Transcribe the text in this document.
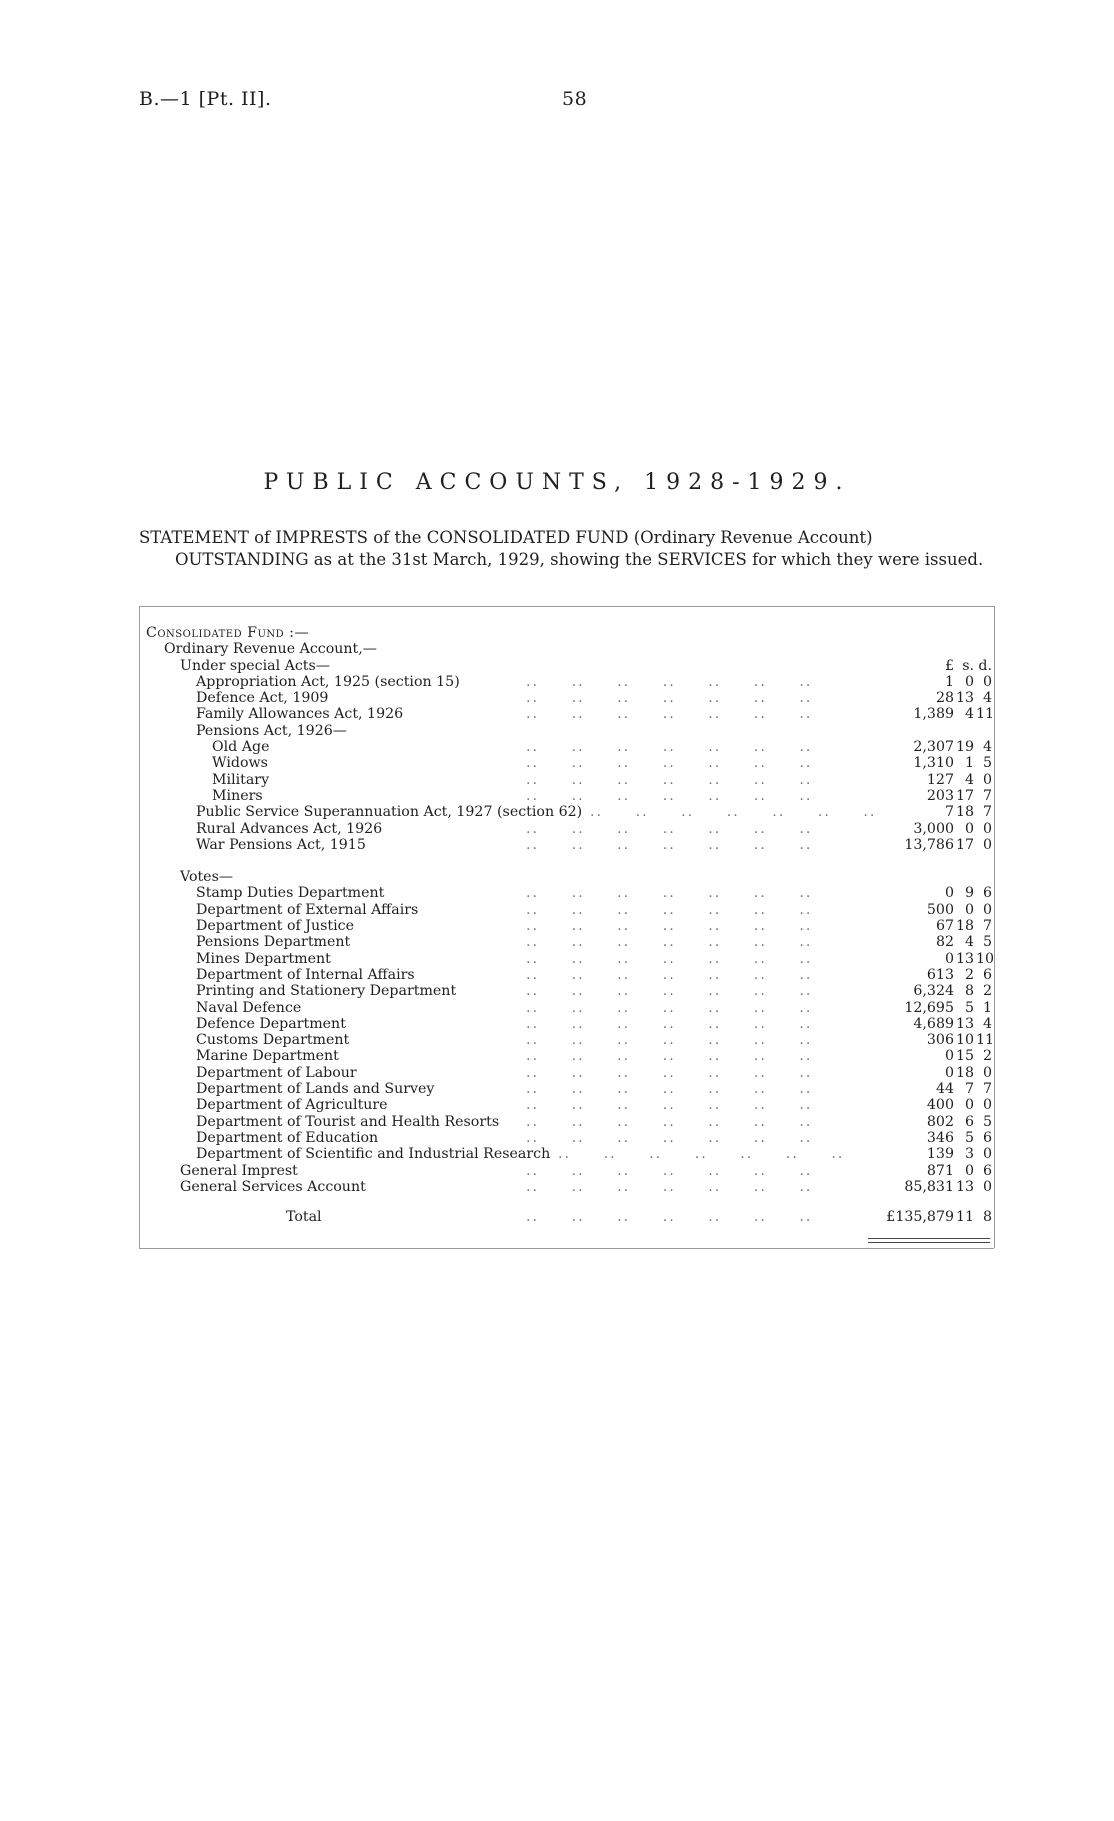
B.—1 [Pt. II].	58
PUBLIC ACCOUNTS, 1928-1929.
STATEMENT of IMPRESTS of the CONSOLIDATED FUND (Ordinary Revenue Account)
OUTSTANDING as at the 31st March, 1929, showing the SERVICES for which they were issued.
Consolidated Fund :—
Ordinary Revenue Account,—
Under special Acts—	£ s. d.
Appropriation Act, 1925 (section 15)	..     ..     ..     ..     ..     ..     ..	1 0 0
Defence Act, 1909	..     ..     ..     ..     ..     ..     ..	28 13 4
Family Allowances Act, 1926	..     ..     ..     ..     ..     ..     ..	1,389 4 11
Pensions Act, 1926—
Old Age	..     ..     ..     ..     ..     ..     ..	2,307 19 4
Widows	..     ..     ..     ..     ..     ..     ..	1,310 1 5
Military	..     ..     ..     ..     ..     ..     ..	127 4 0
Miners	..     ..     ..     ..     ..     ..     ..	203 17 7
Public Service Superannuation Act, 1927 (section 62) ..     ..     ..     ..     ..     ..     ..	7 18 7
Rural Advances Act, 1926	..     ..     ..     ..     ..     ..     ..	3,000 0 0
War Pensions Act, 1915	..     ..     ..     ..     ..     ..     ..	13,786 17 0
Votes—
Stamp Duties Department	..     ..     ..     ..     ..     ..     ..	0 9 6
Department of External Affairs	..     ..     ..     ..     ..     ..     ..	500 0 0
Department of Justice	..     ..     ..     ..     ..     ..     ..	67 18 7
Pensions Department	..     ..     ..     ..     ..     ..     ..	82 4 5
Mines Department	..     ..     ..     ..     ..     ..     ..	0 13 10
Department of Internal Affairs	..     ..     ..     ..     ..     ..     ..	613 2 6
Printing and Stationery Department	..     ..     ..     ..     ..     ..     ..	6,324 8 2
Naval Defence	..     ..     ..     ..     ..     ..     ..	12,695 5 1
Defence Department	..     ..     ..     ..     ..     ..     ..	4,689 13 4
Customs Department	..     ..     ..     ..     ..     ..     ..	306 10 11
Marine Department	..     ..     ..     ..     ..     ..     ..	0 15 2
Department of Labour	..     ..     ..     ..     ..     ..     ..	0 18 0
Department of Lands and Survey	..     ..     ..     ..     ..     ..     ..	44 7 7
Department of Agriculture	..     ..     ..     ..     ..     ..     ..	400 0 0
Department of Tourist and Health Resorts ..     ..     ..     ..     ..     ..     ..	802 6 5
Department of Education	..     ..     ..     ..     ..     ..     ..	346 5 6
Department of Scientific and Industrial Research ..     ..     ..     ..     ..     ..     ..	139 3 0
General Imprest	..     ..     ..     ..     ..     ..     ..	871 0 6
General Services Account	..     ..     ..     ..     ..     ..     ..	85,831 13 0
Total	..     ..     ..     ..     ..     ..     ..	£135,879 11 8
